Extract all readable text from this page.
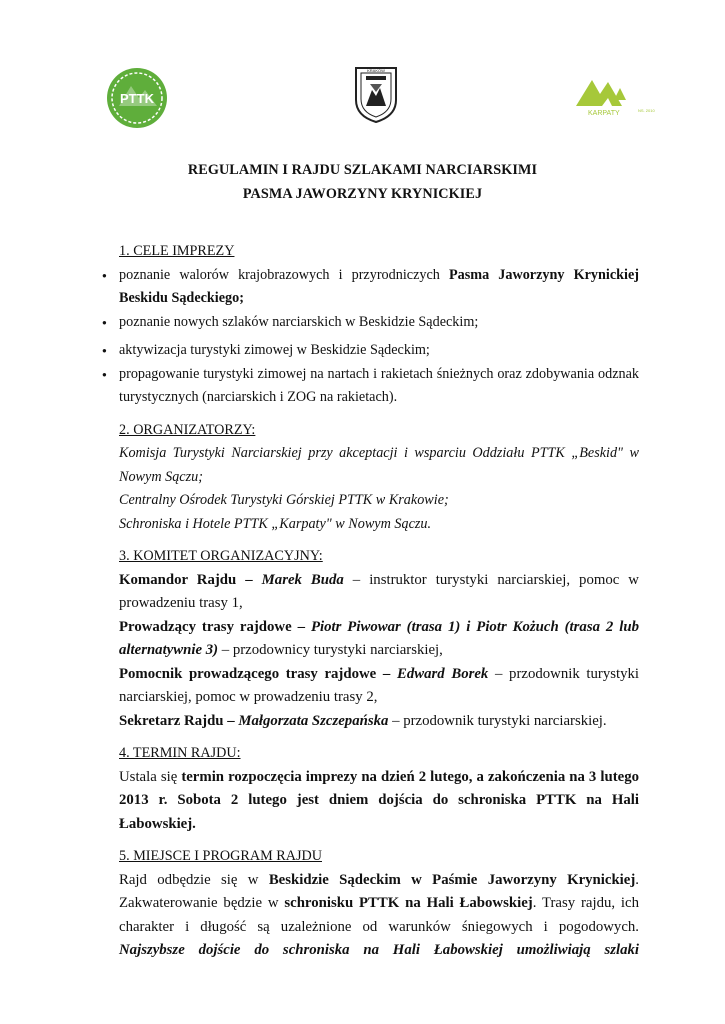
PTTK
KRAKÓW
KARPATY	NS. 2010
REGULAMIN I RAJDU SZLAKAMI NARCIARSKIMI
PASMA JAWORZYNY KRYNICKIEJ
1. CELE IMPREZY
● poznanie walorów krajobrazowych i przyrodniczych Pasma Jaworzyny Krynickiej Beskidu Sądeckiego;
● poznanie nowych szlaków narciarskich w Beskidzie Sądeckim;
● aktywizacja turystyki zimowej w Beskidzie Sądeckim;
● propagowanie turystyki zimowej na nartach i rakietach śnieżnych oraz zdobywania odznak turystycznych (narciarskich i ZOG na rakietach).
2. ORGANIZATORZY:

Komisja Turystyki Narciarskiej przy akceptacji i wsparciu Oddziału PTTK „Beskid" w Nowym Sączu;

Centralny Ośrodek Turystyki Górskiej PTTK w Krakowie;

Schroniska i Hotele PTTK „Karpaty" w Nowym Sączu.

3. KOMITET ORGANIZACYJNY:

Komandor Rajdu – Marek Buda – instruktor turystyki narciarskiej, pomoc w prowadzeniu trasy 1,

Prowadzący trasy rajdowe – Piotr Piwowar (trasa 1) i Piotr Kożuch (trasa 2 lub alternatywnie 3) – przodownicy turystyki narciarskiej,

Pomocnik prowadzącego trasy rajdowe – Edward Borek – przodownik turystyki narciarskiej, pomoc w prowadzeniu trasy 2,

Sekretarz Rajdu – Małgorzata Szczepańska – przodownik turystyki narciarskiej.

4. TERMIN RAJDU:

Ustala się termin rozpoczęcia imprezy na dzień 2 lutego, a zakończenia na 3 lutego 2013 r. Sobota 2 lutego jest dniem dojścia do schroniska PTTK na Hali Łabowskiej.

5. MIEJSCE I PROGRAM RAJDU

Rajd odbędzie się w Beskidzie Sądeckim w Paśmie Jaworzyny Krynickiej. Zakwaterowanie będzie w schronisku PTTK na Hali Łabowskiej. Trasy rajdu, ich charakter i długość są uzależnione od warunków śniegowych i pogodowych. Najszybsze dojście do schroniska na Hali Łabowskiej umożliwiają szlaki
